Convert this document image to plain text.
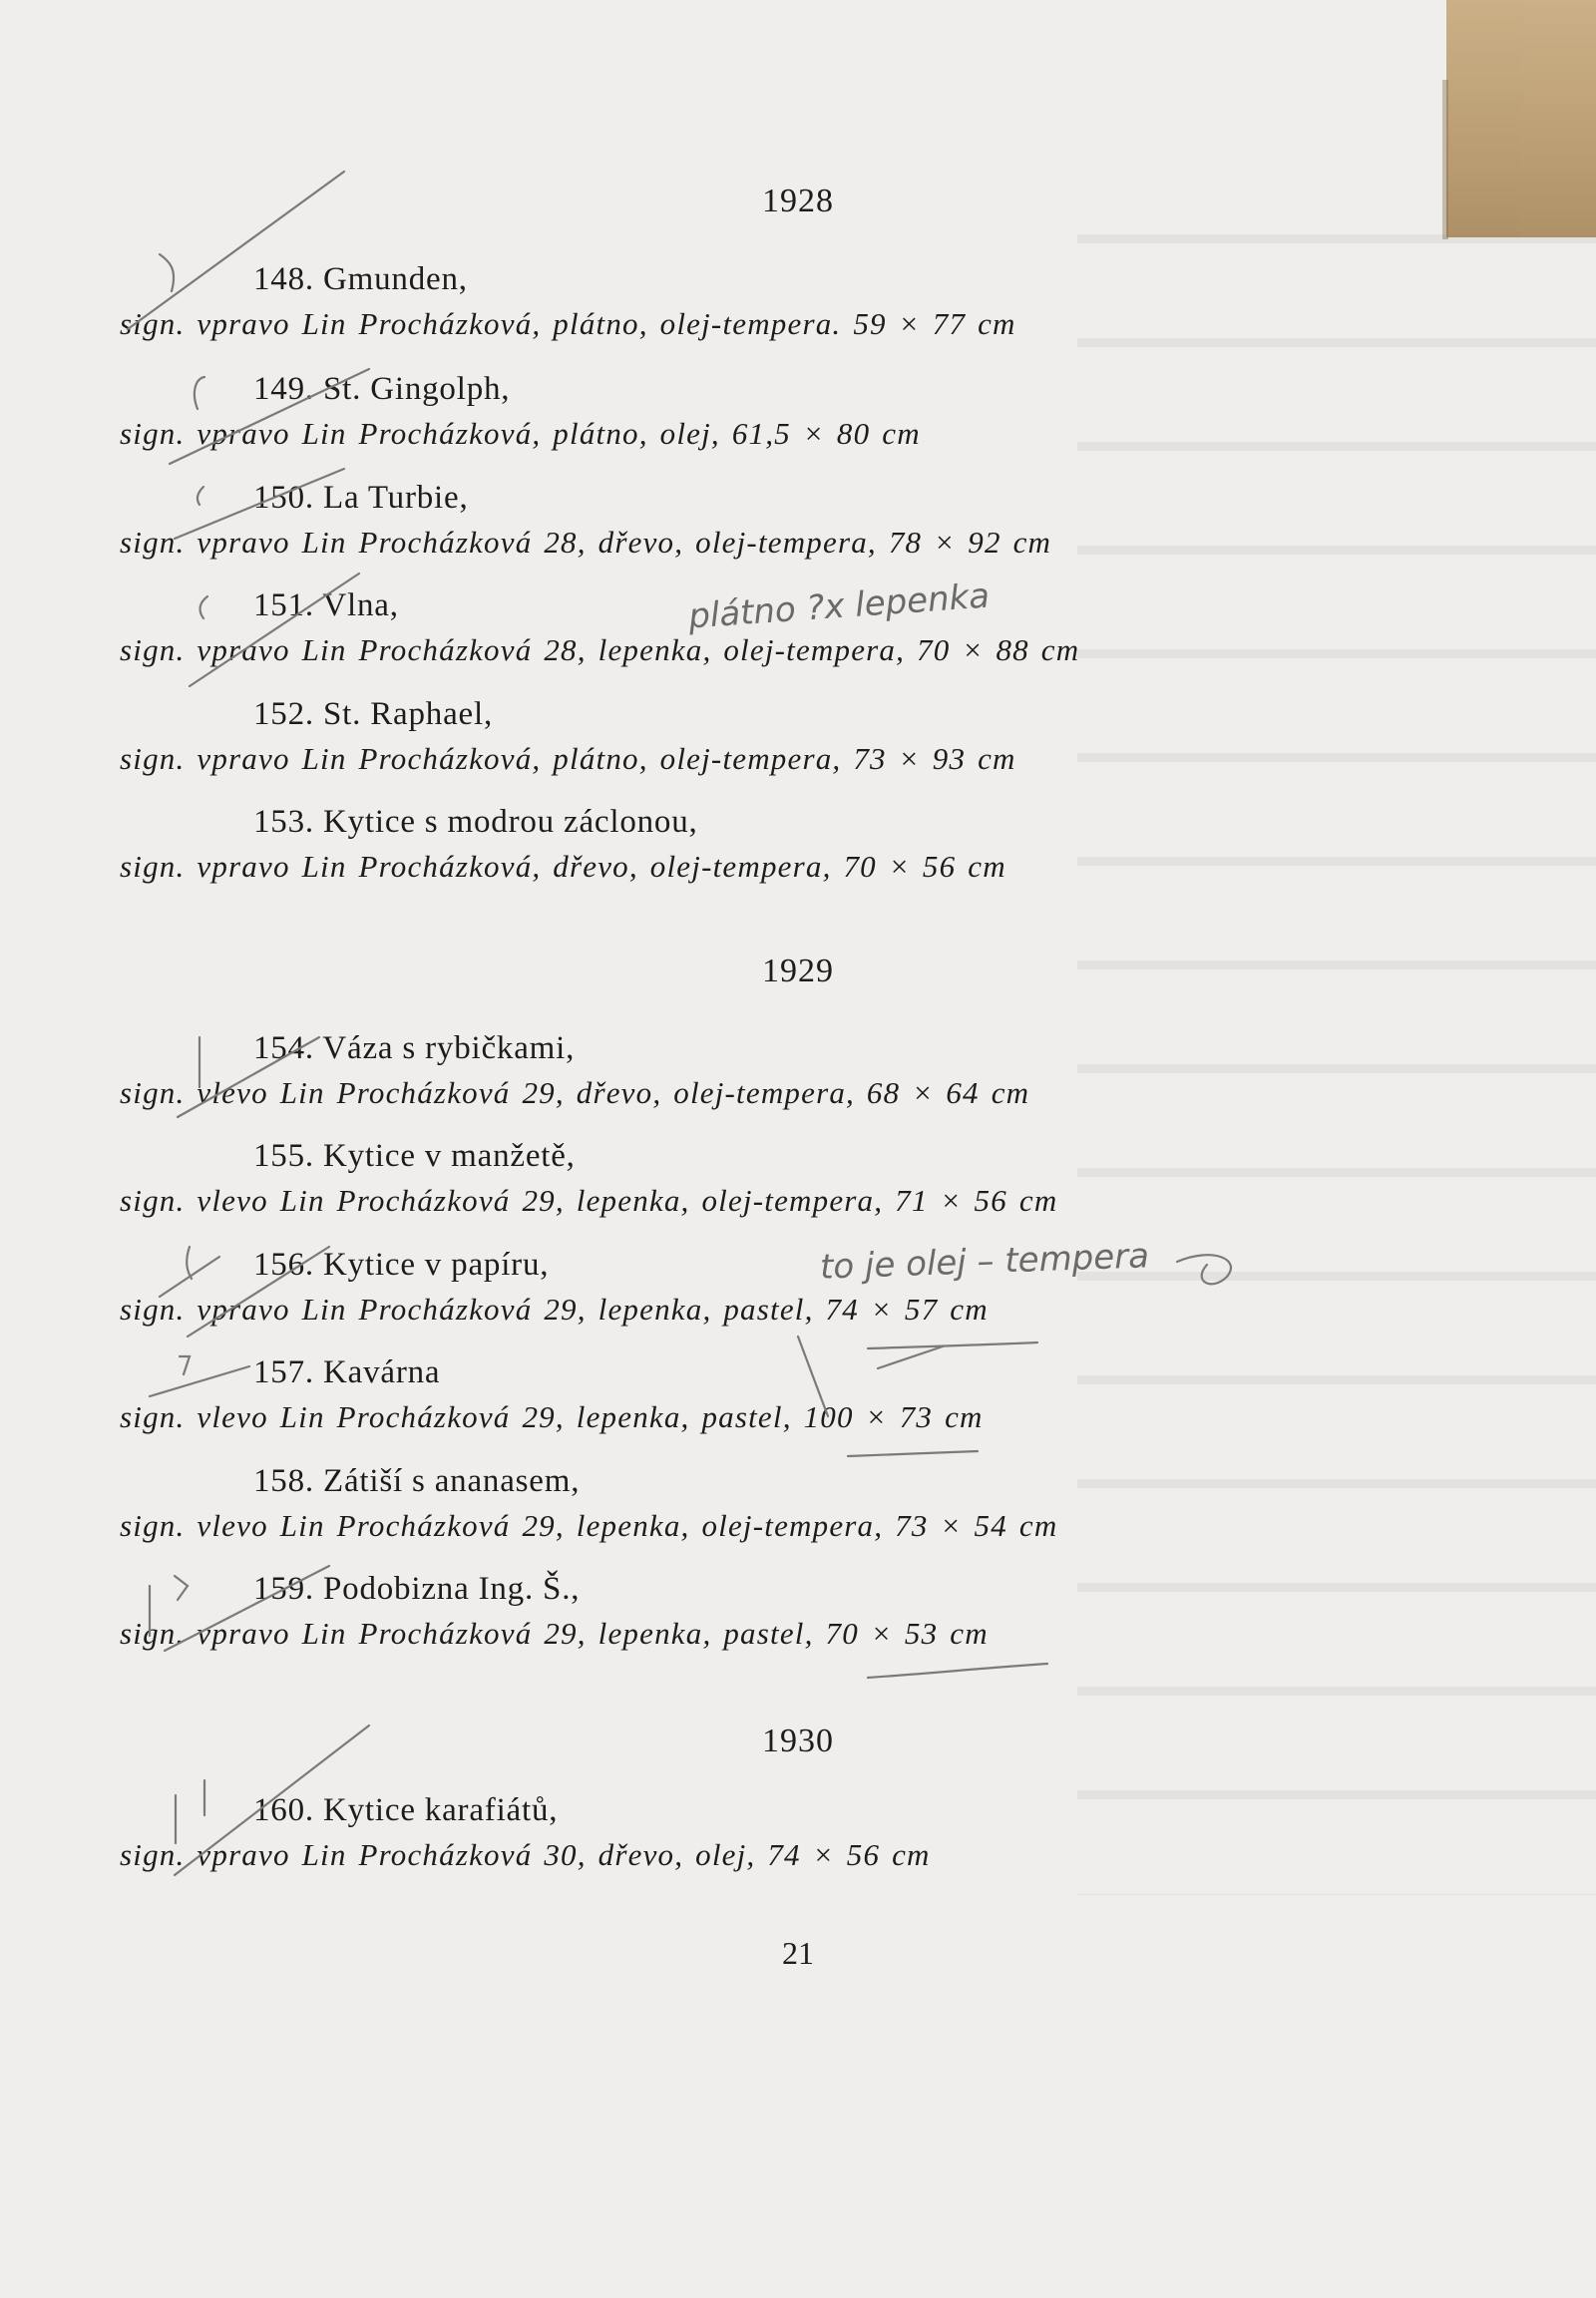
1928
148. Gmunden,
sign. vpravo Lin Procházková, plátno, olej-tempera. 59 × 77 cm
149. St. Gingolph,
sign. vpravo Lin Procházková, plátno, olej, 61,5 × 80 cm
150. La Turbie,
sign. vpravo Lin Procházková 28, dřevo, olej-tempera, 78 × 92 cm
151. Vlna,
sign. vpravo Lin Procházková 28, lepenka, olej-tempera, 70 × 88 cm
152. St. Raphael,
sign. vpravo Lin Procházková, plátno, olej-tempera, 73 × 93 cm
153. Kytice s modrou záclonou,
sign. vpravo Lin Procházková, dřevo, olej-tempera, 70 × 56 cm
1929
154. Váza s rybičkami,
sign. vlevo Lin Procházková 29, dřevo, olej-tempera, 68 × 64 cm
155. Kytice v manžetě,
sign. vlevo Lin Procházková 29, lepenka, olej-tempera, 71 × 56 cm
156. Kytice v papíru,
sign. vpravo Lin Procházková 29, lepenka, pastel, 74 × 57 cm
157. Kavárna
sign. vlevo Lin Procházková 29, lepenka, pastel, 100 × 73 cm
158. Zátiší s ananasem,
sign. vlevo Lin Procházková 29, lepenka, olej-tempera, 73 × 54 cm
159. Podobizna Ing. Š.,
sign. vpravo Lin Procházková 29, lepenka, pastel, 70 × 53 cm
1930
160. Kytice karafiátů,
sign. vpravo Lin Procházková 30, dřevo, olej, 74 × 56 cm
21
plátno ?x lepenka
to je olej – tempera
